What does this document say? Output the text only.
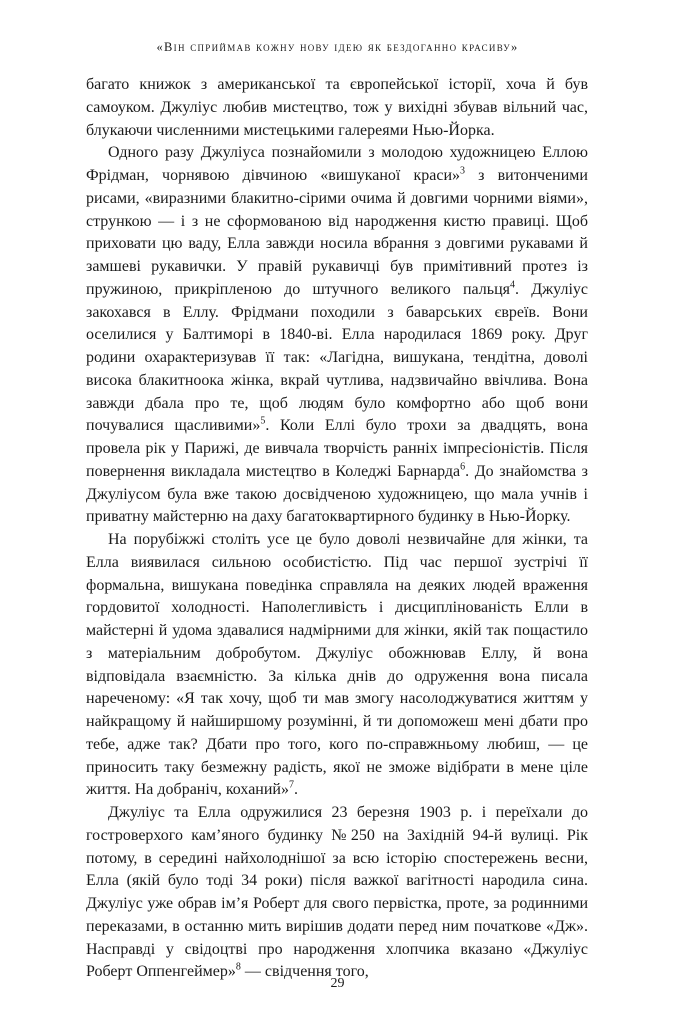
«Він сприймав кожну нову ідею як бездоганно красиву»

багато книжок з американської та європейської історії, хоча й був самоуком. Джуліус любив мистецтво, тож у вихідні збував вільний час, блукаючи численними мистецькими галереями Нью-Йорка.

Одного разу Джуліуса познайомили з молодою художницею Еллою Фрідман, чорнявою дівчиною «вишуканої краси»$^3$ з витонченими рисами, «виразними блакитно-сірими очима й довгими чорними віями», стрункою — і з не сформованою від народження кистю правиці. Щоб приховати цю ваду, Елла завжди носила вбрання з довгими рукавами й замшеві рукавички. У правій рукавичці був примітивний протез із пружиною, прикріпленою до штучного великого пальця$^4$. Джуліус закохався в Еллу. Фрідмани походили з баварських євреїв. Вони оселилися у Балтиморі в 1840-ві. Елла народилася 1869 року. Друг родини охарактеризував її так: «Лагідна, вишукана, тендітна, доволі висока блакитноока жінка, вкрай чутлива, надзвичайно ввічлива. Вона завжди дбала про те, щоб людям було комфортно або щоб вони почувалися щасливими»$^5$. Коли Еллі було трохи за двадцять, вона провела рік у Парижі, де вивчала творчість ранніх імпресіоністів. Після повернення викладала мистецтво в Коледжі Барнарда$^6$. До знайомства з Джуліусом була вже такою досвідченою художницею, що мала учнів і приватну майстерню на даху багатоквартирного будинку в Нью-Йорку.

На порубіжжі століть усе це було доволі незвичайне для жінки, та Елла виявилася сильною особистістю. Під час першої зустрічі її формальна, вишукана поведінка справляла на деяких людей враження гордовитої холодності. Наполегливість і дисциплінованість Елли в майстерні й удома здавалися надмірними для жінки, якій так пощастило з матеріальним добробутом. Джуліус обожнював Еллу, й вона відповідала взаємністю. За кілька днів до одруження вона писала нареченому: «Я так хочу, щоб ти мав змогу насолоджуватися життям у найкращому й найширшому розумінні, й ти допоможеш мені дбати про тебе, адже так? Дбати про того, кого по-справжньому любиш, — це приносить таку безмежну радість, якої не зможе відібрати в мене ціле життя. На добраніч, коханий»$^7$.

Джуліус та Елла одружилися 23 березня 1903 р. і переїхали до гостроверхого кам’яного будинку №250 на Західній 94-й вулиці. Рік потому, в середині найхолоднішої за всю історію спостережень весни, Елла (якій було тоді 34 роки) після важкої вагітності народила сина. Джуліус уже обрав ім’я Роберт для свого первістка, проте, за родинними переказами, в останню мить вирішив додати перед ним початкове «Дж». Насправді у свідоцтві про народження хлопчика вказано «Джуліус Роберт Оппенгеймер»$^8$ — свідчення того,

29
